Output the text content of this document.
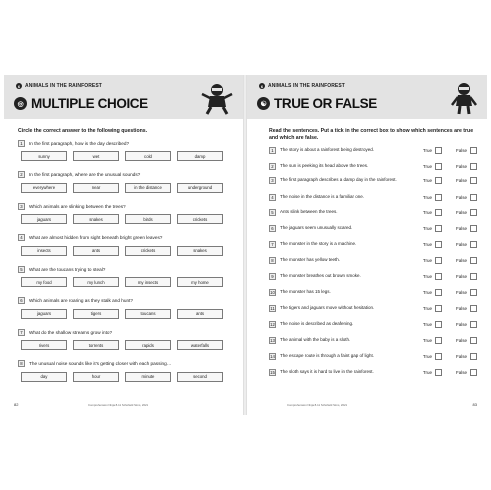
6 ANIMALS IN THE RAINFOREST
◎ MULTIPLE CHOICE
Circle the correct answer to the following questions.
1	In the first paragraph, how is the day described?
sunny	wet	cold	damp
2	In the first paragraph, where are the unusual sounds?
everywhere	near	in the distance	underground
3	Which animals are slinking between the trees?
jaguars	snakes	birds	crickets
4	What are almost hidden from sight beneath bright green leaves?
insects	ants	crickets	snakes
5	What are the toucans trying to steal?
my food	my lunch	my insects	my home
6	Which animals are roaring as they stalk and hunt?
jaguars	tigers	toucans	ants
7	What do the shallow streams grow into?
rivers	torrents	rapids	waterfalls
8	The unusual noise sounds like it's getting closer with each passing…
day	hour	minute	second
82	Comprehension Ninja 8-11 Schofield Sims, 2021
6 ANIMALS IN THE RAINFOREST
☯ TRUE OR FALSE
Read the sentences. Put a tick in the correct box to show which sentences are true and which are false.
1	The story is about a rainforest being destroyed.	True	False
2	The sun is peeking its head above the trees.	True	False
3	The first paragraph describes a damp day in the rainforest.	True	False
4	The noise in the distance is a familiar one.	True	False
5	Ants slink between the trees.	True	False
6	The jaguars seem unusually scared.	True	False
7	The monster in the story is a machine.	True	False
8	The monster has yellow teeth.	True	False
9	The monster breathes out brown smoke.	True	False
10 The monster has 15 legs.	True	False
11 The tigers and jaguars move without hesitation.	True	False
12 The noise is described as deafening.	True	False
13 The animal with the baby is a sloth.	True	False
14 The escape route is through a faint gap of light.	True	False
15 The sloth says it is hard to live in the rainforest.	True	False
83
Comprehension Ninja 8-11 Schofield Sims, 2021
